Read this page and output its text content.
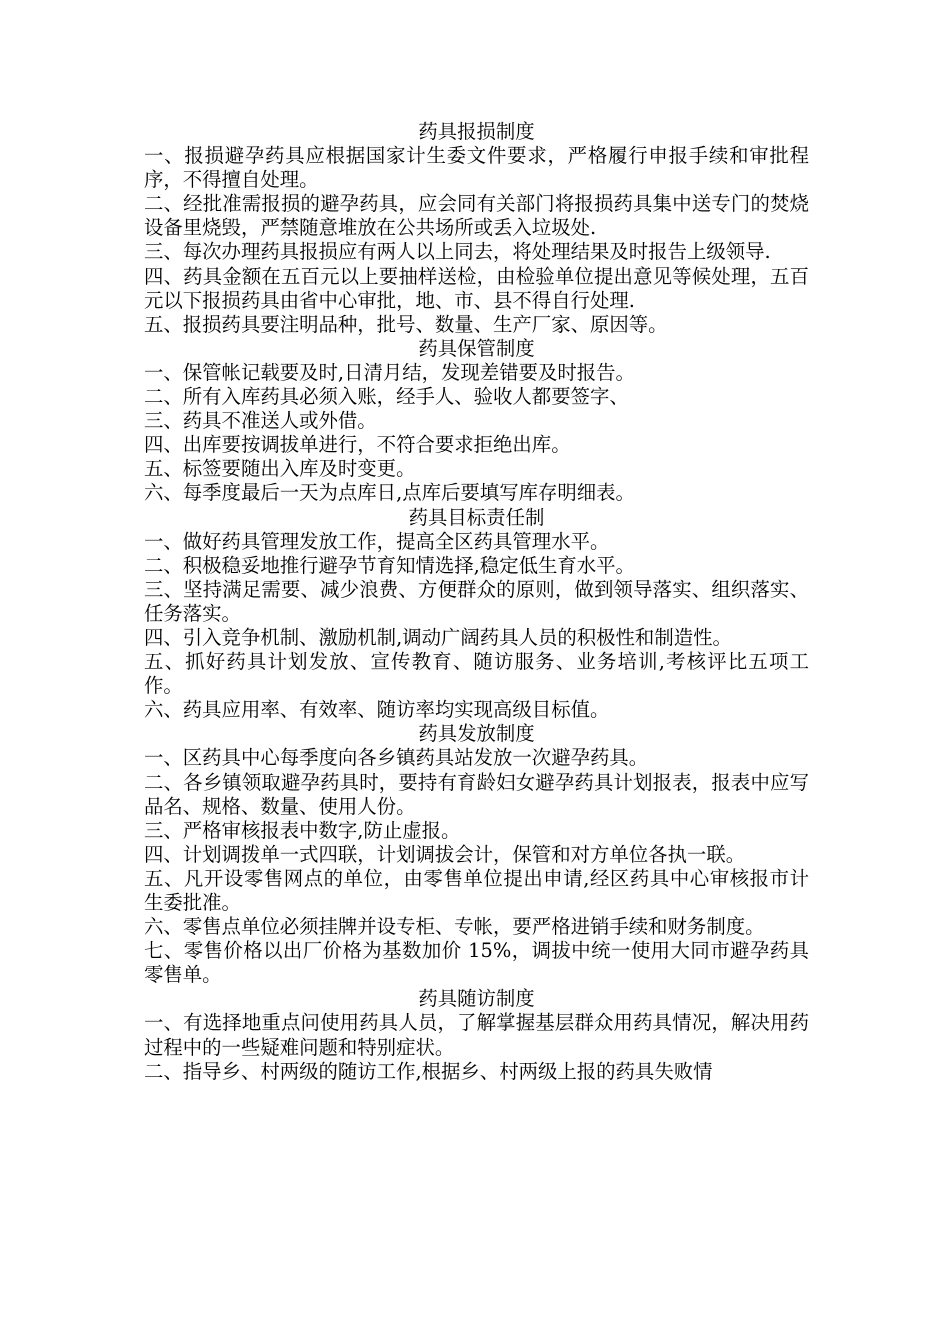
药具报损制度

一、报损避孕药具应根据国家计生委文件要求，严格履行申报手续和审批程序，不得擅自处理。

二、经批准需报损的避孕药具，应会同有关部门将报损药具集中送专门的焚烧设备里烧毁，严禁随意堆放在公共场所或丢入垃圾处.

三、每次办理药具报损应有两人以上同去，将处理结果及时报告上级领导.

四、药具金额在五百元以上要抽样送检，由检验单位提出意见等候处理，五百元以下报损药具由省中心审批，地、市、县不得自行处理.

五、报损药具要注明品种，批号、数量、生产厂家、原因等。

药具保管制度

一、保管帐记载要及时,日清月结，发现差错要及时报告。

二、所有入库药具必须入账，经手人、验收人都要签字、

三、药具不准送人或外借。

四、出库要按调拔单进行，不符合要求拒绝出库。

五、标签要随出入库及时变更。

六、每季度最后一天为点库日,点库后要填写库存明细表。

药具目标责任制

一、做好药具管理发放工作，提高全区药具管理水平。

二、积极稳妥地推行避孕节育知情选择,稳定低生育水平。

三、坚持满足需要、减少浪费、方便群众的原则，做到领导落实、组织落实、任务落实。

四、引入竞争机制、激励机制,调动广阔药具人员的积极性和制造性。

五、抓好药具计划发放、宣传教育、随访服务、业务培训,考核评比五项工作。

六、药具应用率、有效率、随访率均实现高级目标值。

药具发放制度

一、区药具中心每季度向各乡镇药具站发放一次避孕药具。

二、各乡镇领取避孕药具时，要持有育龄妇女避孕药具计划报表，报表中应写品名、规格、数量、使用人份。

三、严格审核报表中数字,防止虚报。

四、计划调拨单一式四联，计划调拔会计，保管和对方单位各执一联。

五、凡开设零售网点的单位，由零售单位提出申请,经区药具中心审核报市计生委批准。

六、零售点单位必须挂牌并设专柜、专帐，要严格进销手续和财务制度。

七、零售价格以出厂价格为基数加价 15%，调拔中统一使用大同市避孕药具零售单。

药具随访制度

一、有选择地重点问使用药具人员，了解掌握基层群众用药具情况，解决用药过程中的一些疑难问题和特别症状。

二、指导乡、村两级的随访工作,根据乡、村两级上报的药具失败情
